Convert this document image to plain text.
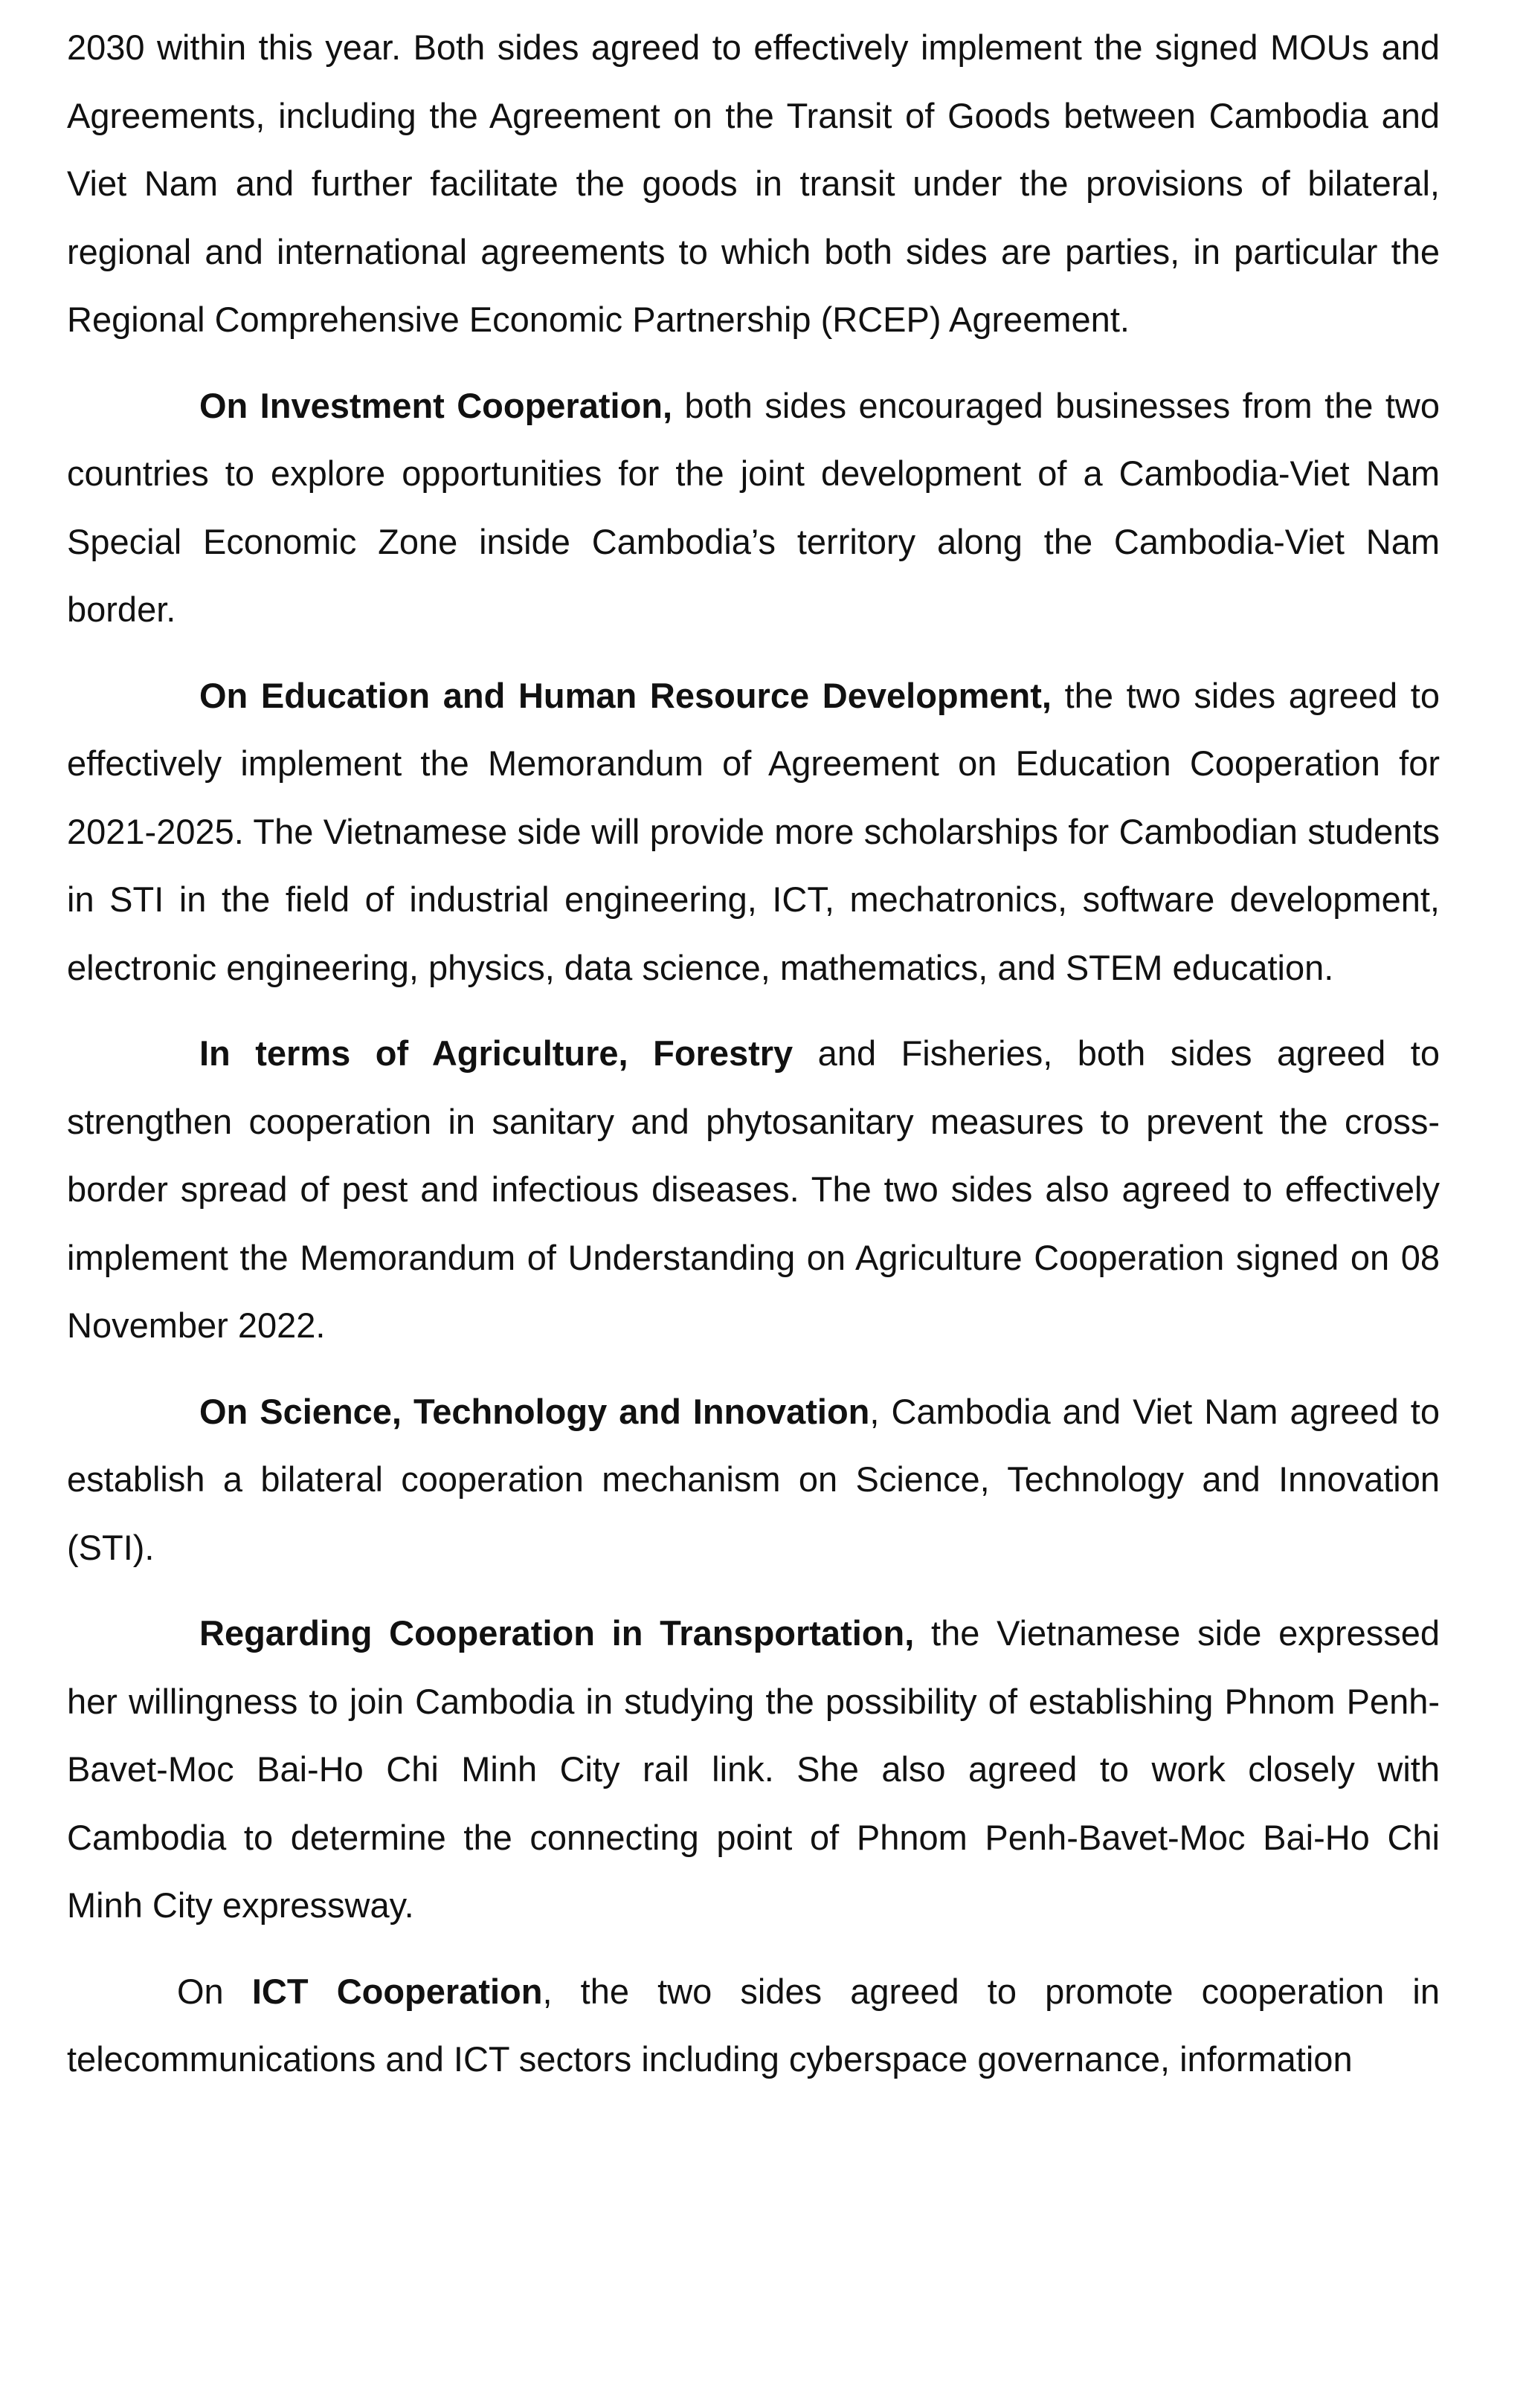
2030 within this year. Both sides agreed to effectively implement the signed MOUs and Agreements, including the Agreement on the Transit of Goods between Cambodia and Viet Nam and further facilitate the goods in transit under the provisions of bilateral, regional and international agreements to which both sides are parties, in particular the Regional Comprehensive Economic Partnership (RCEP) Agreement.

On Investment Cooperation, both sides encouraged businesses from the two countries to explore opportunities for the joint development of a Cambodia-Viet Nam Special Economic Zone inside Cambodia’s territory along the Cambodia-Viet Nam border.

On Education and Human Resource Development, the two sides agreed to effectively implement the Memorandum of Agreement on Education Cooperation for 2021-2025. The Vietnamese side will provide more scholarships for Cambodian students in STI in the field of industrial engineering, ICT, mechatronics, software development, electronic engineering, physics, data science, mathematics, and STEM education.

In terms of Agriculture, Forestry and Fisheries, both sides agreed to strengthen cooperation in sanitary and phytosanitary measures to prevent the cross-border spread of pest and infectious diseases. The two sides also agreed to effectively implement the Memorandum of Understanding on Agriculture Cooperation signed on 08 November 2022.

On Science, Technology and Innovation, Cambodia and Viet Nam agreed to establish a bilateral cooperation mechanism on Science, Technology and Innovation (STI).

Regarding Cooperation in Transportation, the Vietnamese side expressed her willingness to join Cambodia in studying the possibility of establishing Phnom Penh-Bavet-Moc Bai-Ho Chi Minh City rail link. She also agreed to work closely with Cambodia to determine the connecting point of Phnom Penh-Bavet-Moc Bai-Ho Chi Minh City expressway.

On ICT Cooperation, the two sides agreed to promote cooperation in telecommunications and ICT sectors including cyberspace governance, information
